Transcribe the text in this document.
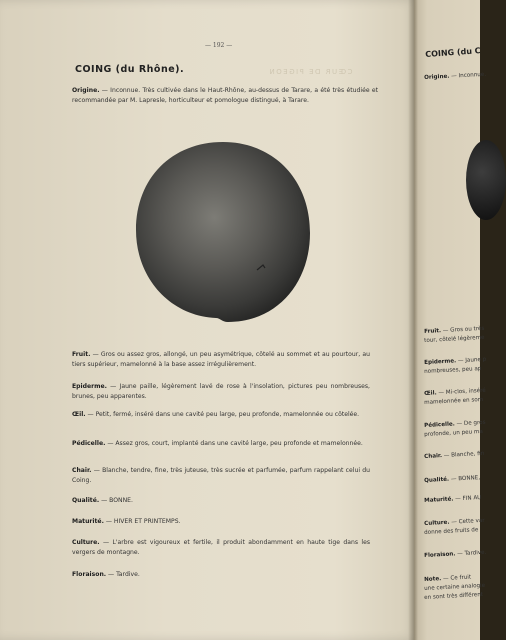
— 192 —
CŒUR DE PIGEON
COING (du Rhône).
Origine. — Inconnue. Très cultivée dans le Haut-Rhône, au-dessus de Tarare, a été très étudiée et recommandée par M. Lapresle, horticulteur et pomologue distingué, à Tarare.
Fruit. — Gros ou assez gros, allongé, un peu asymétrique, côtelé au sommet et au pourtour, au tiers supérieur, mamelonné à la base assez irrégulièrement.
Epiderme. — Jaune paille, légèrement lavé de rose à l'insolation, pictures peu nombreuses, brunes, peu apparentes.
Œil. — Petit, fermé, inséré dans une cavité peu large, peu profonde, mamelonnée ou côtelée.
Pédicelle. — Assez gros, court, implanté dans une cavité large, peu profonde et mamelonnée.
Chair. — Blanche, tendre, fine, très juteuse, très sucrée et parfumée, parfum rappelant celui du Coing.
Qualité. — BONNE.
Maturité. — HIVER ET PRINTEMPS.
Culture. — L'arbre est vigoureux et fertile, il produit abondamment en haute tige dans les vergers de montagne.
Floraison. — Tardive.
COING (du C
Origine. — Inconnue.
Fruit. — Gros ou très
tour, côtelé légèreme
Epiderme. — Jaune p
nombreuses, peu ap
Œil. — Mi-clos, inséré
mamelonnée en som
Pédicelle. — De gros
profonde, un peu ma
Chair. — Blanche, fin
Qualité. — BONNE,
Maturité. — FIN AU
Culture. — Cette var
donne des fruits de
Floraison. — Tardive.
Note. — Ce fruit
une certaine analogie
en sont très différent
